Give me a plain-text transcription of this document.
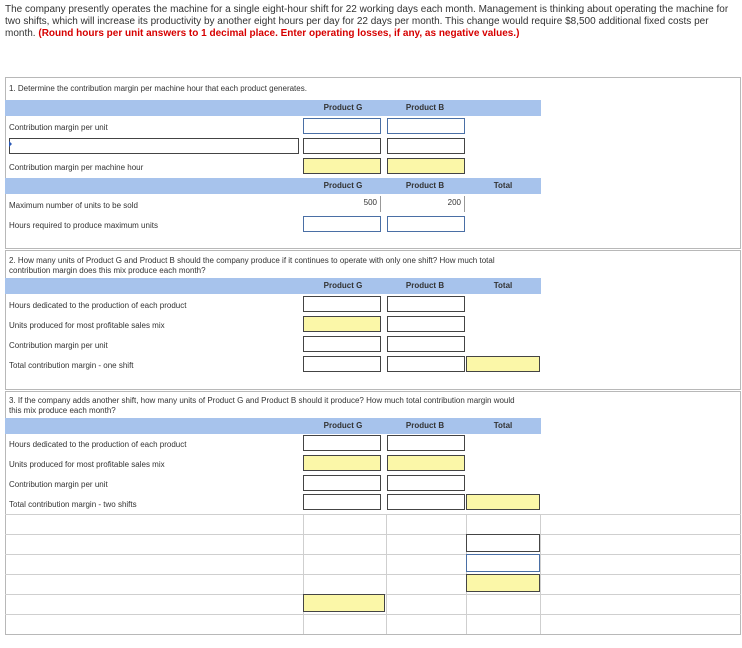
The company presently operates the machine for a single eight-hour shift for 22 working days each month. Management is thinking about operating the machine for two shifts, which will increase its productivity by another eight hours per day for 22 days per month. This change would require $8,500 additional fixed costs per month. (Round hours per unit answers to 1 decimal place. Enter operating losses, if any, as negative values.)
1. Determine the contribution margin per machine hour that each product generates.
Product G	Product B
Contribution margin per unit
Contribution margin per machine hour
Product G	Product B	Total
Maximum number of units to be sold	500	200
Hours required to produce maximum units
2. How many units of Product G and Product B should the company produce if it continues to operate with only one shift? How much total contribution margin does this mix produce each month?
Product G	Product B	Total
Hours dedicated to the production of each product
Units produced for most profitable sales mix
Contribution margin per unit
Total contribution margin - one shift
3. If the company adds another shift, how many units of Product G and Product B should it produce? How much total contribution margin would this mix produce each month?
Product G	Product B	Total
Hours dedicated to the production of each product
Units produced for most profitable sales mix
Contribution margin per unit
Total contribution margin - two shifts
